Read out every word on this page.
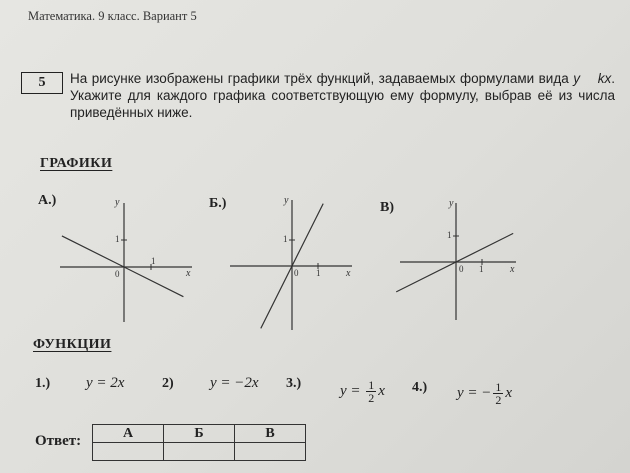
Математика. 9 класс. Вариант 5
5	На рисунке изображены графики трёх функций, задаваемых формулами вида y kx. Укажите для каждого графика соответствующую ему формулу, выбрав её из числа приведённых ниже.
ГРАФИКИ
А.)	Б.)	В)
x
y
1
1
0	x
y
1
1
0	x
y
1
1
0
ФУНКЦИИ
1.) y = 2x	2) y = −2x 3.)	$y = \frac{1}{2}$ x 4.) y = − $\frac{1}{2}$ x
Ответ:	А	Б	В
